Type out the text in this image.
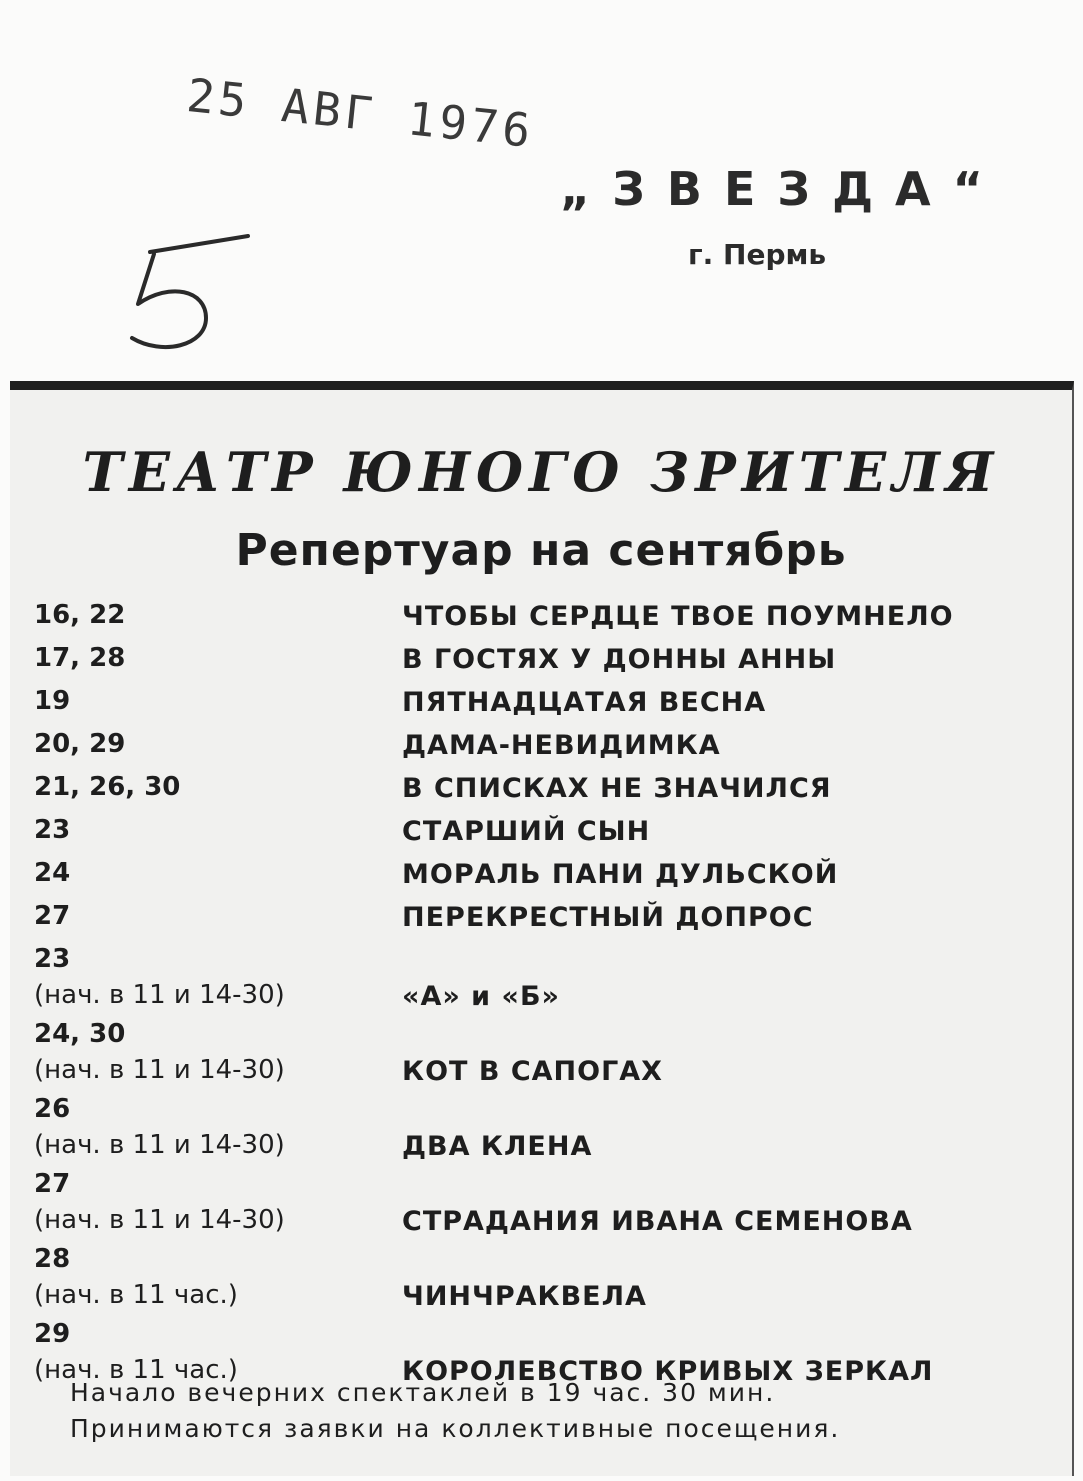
25 АВГ 1976
„ЗВЕЗДА“
г. Пермь
ТЕАТР ЮНОГО ЗРИТЕЛЯ
Репертуар на сентябрь
16, 22	ЧТОБЫ СЕРДЦЕ ТВОЕ ПОУМНЕЛО
17, 28	В ГОСТЯХ У ДОННЫ АННЫ
19	ПЯТНАДЦАТАЯ ВЕСНА
20, 29	ДАМА-НЕВИДИМКА
21, 26, 30	В СПИСКАХ НЕ ЗНАЧИЛСЯ
23	СТАРШИЙ СЫН
24	МОРАЛЬ ПАНИ ДУЛЬСКОЙ
27	ПЕРЕКРЕСТНЫЙ ДОПРОС
23
(нач. в 11 и 14-30)	«А» и «Б»
24, 30
(нач. в 11 и 14-30)	КОТ В САПОГАХ
26
(нач. в 11 и 14-30)	ДВА КЛЕНА
27
(нач. в 11 и 14-30)	СТРАДАНИЯ ИВАНА СЕМЕНОВА
28
(нач. в 11 час.)	ЧИНЧРАКВЕЛА
29
(нач. в 11 час.)	КОРОЛЕВСТВО КРИВЫХ ЗЕРКАЛ
Начало вечерних спектаклей в 19 час. 30 мин.
Принимаются заявки на коллективные посещения.
